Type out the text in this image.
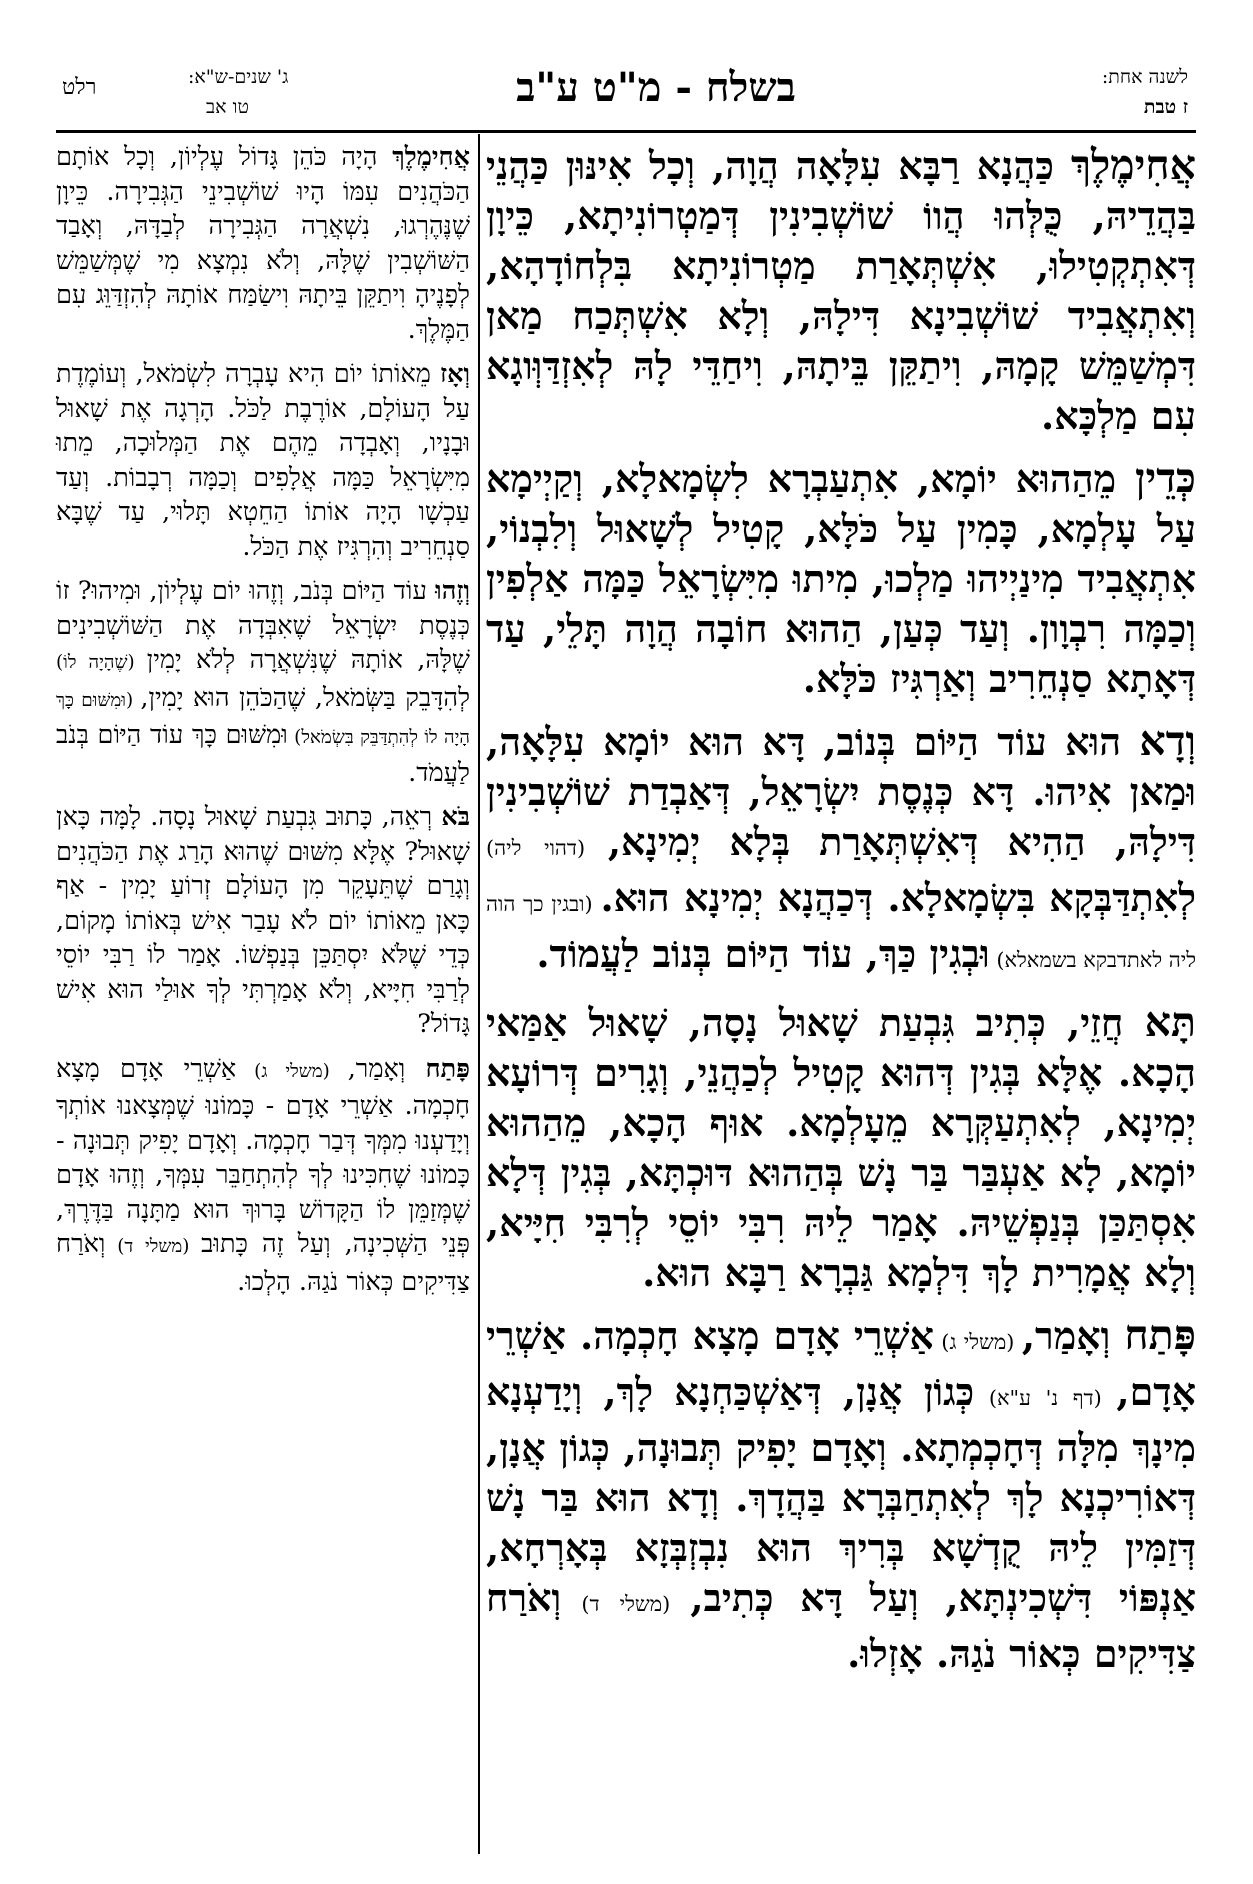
לשנה אחת:
ז טבת
בשלח - מ"ט ע"ב
ג' שנים-ש"א:
טו אב
רלט

אֲחִימֶלֶךְ כַּהֲנָא רַבָּא עִלָּאָה הֲוָה, וְכָל אִינּוּן כַּהֲנֵי בַּהֲדֵיהּ, כֻּלְּהוּ הֲווֹ שׁוֹשְׁבִינִין דְּמַטְרוֹנִיתָא, כֵּיוָן דְּאִתְקְטִילוּ, אִשְׁתְּאָרַת מַטְרוֹנִיתָא בִּלְחוֹדָהָא, וְאִתְאֲבִיד שׁוֹשְׁבִינָא דִּילָהּ, וְלָא אִשְׁתְּכַח מַאן דִּמְשַׁמֵּשׁ קָמָהּ, וִיתַקֵּן בֵּיתָהּ, וִיחַדֵּי לָהּ לְאִזְדַּוְּוגָא עִם מַלְכָּא.

כְּדֵין מֵהַהוּא יוֹמָא, אִתְעַבְרָא לִשְׂמָאלָא, וְקַיְימָא עַל עָלְמָא, כָּמִין עַל כֹּלָּא, קָטִיל לְשָׁאוּל וְלִבְנוֹי, אִתְאֲבִיד מִינַיְיהוּ מַלְכוּ, מִיתוּ מִיִּשְׂרָאֵל כַּמָּה אַלְפִין וְכַמָּה רִבְוָון. וְעַד כְּעַן, הַהוּא חוֹבָה הֲוָה תָּלֵי, עַד דְּאָתָא סַנְחֵרִיב וְאַרְגִּיז כֹּלָּא.

וְדָא הוּא עוֹד הַיּוֹם בְּנוֹב, דָּא הוּא יוֹמָא עִלָּאָה, וּמַאן אִיהוּ. דָּא כְּנֶסֶת יִשְׂרָאֵל, דְּאַבְדַת שׁוֹשְׁבִינִין דִּילָהּ, הַהִיא דְּאִשְׁתְּאָרַת בְּלָא יְמִינָא, (דהוי ליה) לְאִתְדַּבְּקָא בִּשְׂמָאלָא. דְּכַהֲנָא יְמִינָא הוּא. (ובגין כך הוה ליה לאתדבקא בשמאלא) וּבְגִין כַּךְ, עוֹד הַיּוֹם בְּנוֹב לַעֲמוֹד.

תָּא חֲזֵי, כְּתִיב גִּבְעַת שָׁאוּל נָסָה, שָׁאוּל אַמַּאי הָכָא. אֶלָּא בְּגִין דְּהוּא קָטִיל לְכַהֲנֵי, וְגָרִים דְּרוֹעָא יְמִינָא, לְאִתְעַקְּרָא מֵעָלְמָא. אוּף הָכָא, מֵהַהוּא יוֹמָא, לָא אַעְבַּר בַּר נָשׁ בְּהַהוּא דּוּכְתָּא, בְּגִין דְּלָא אִסְתַּכַּן בְּנַפְשֵׁיהּ. אָמַר לֵיהּ רִבִּי יוֹסֵי לְרִבִּי חִיָּיא, וְלָא אֲמָרִית לָךְ דִּלְמָא גַּבְרָא רַבָּא הוּא.

פָּתַח וְאָמַר, (משלי ג) אַשְׁרֵי אָדָם מָצָא חָכְמָה. אַשְׁרֵי אָדָם, (דף נ' ע"א) כְּגוֹן אֲנָן, דְּאַשְׁכַּחְנָא לָךְ, וְיָדַעְנָא מִינָךְ מִלָּה דְּחָכְמְתָא. וְאָדָם יָפִיק תְּבוּנָה, כְּגוֹן אֲנָן, דְּאוֹרִיכְנָא לָךְ לְאִתְחַבְּרָא בַּהֲדָךְ. וְדָא הוּא בַּר נָשׁ דְּזַמִּין לֵיהּ קֻדְשָׁא בְּרִיךְ הוּא נִבְזְבְּזָא בְּאָרְחָא, אַנְפּוֹי דִּשְׁכִינְתָּא, וְעַל דָּא כְּתִיב, (משלי ד) וְאֹרַח צַדִּיקִים כְּאוֹר נֹגַהּ. אָזְלוּ.

אֲחִימֶלֶךְ הָיָה כֹּהֵן גָּדוֹל עֶלְיוֹן, וְכָל אוֹתָם הַכֹּהֲנִים עִמּוֹ הָיוּ שׁוֹשְׁבִינֵי הַגְּבִירָה. כֵּיוָן שֶׁנֶּהֶרְגוּ, נִשְׁאֲרָה הַגְּבִירָה לְבַדָּהּ, וְאָבַד הַשּׁוֹשְׁבִין שֶׁלָּהּ, וְלֹא נִמְצָא מִי שֶׁמְּשַׁמֵּשׁ לְפָנֶיהָ וִיתַקֵּן בֵּיתָהּ וִישַׂמַּח אוֹתָהּ לְהִזְדַּוֵּג עִם הַמֶּלֶךְ.

וְאָז מֵאוֹתוֹ יוֹם הִיא עָבְרָה לִשְׂמֹאל, וְעוֹמֶדֶת עַל הָעוֹלָם, אוֹרֶבֶת לַכֹּל. הָרְגָה אֶת שָׁאוּל וּבָנָיו, וְאָבְדָה מֵהֶם אֶת הַמְּלוּכָה, מֵתוּ מִיִּשְׂרָאֵל כַּמָּה אֲלָפִים וְכַמָּה רְבָבוֹת. וְעַד עַכְשָׁו הָיָה אוֹתוֹ הַחֵטְא תָּלוּי, עַד שֶׁבָּא סַנְחֵרִיב וְהִרְגִּיז אֶת הַכֹּל.

וְזֶהוּ עוֹד הַיּוֹם בְּנֹב, וְזֶהוּ יוֹם עֶלְיוֹן, וּמִיהוּ? זוֹ כְּנֶסֶת יִשְׂרָאֵל שֶׁאִבְּדָה אֶת הַשּׁוֹשְׁבִינִים שֶׁלָּהּ, אוֹתָהּ שֶׁנִּשְׁאֲרָה לְלֹא יָמִין (שֶׁהָיָה לוֹ) לְהִדָּבֵק בַּשְּׂמֹאל, שֶׁהַכֹּהֵן הוּא יָמִין, (וּמִשּׁוּם כָּךְ הָיָה לוֹ לְהִתְדַּבֵּק בִּשְׂמֹאל) וּמִשּׁוּם כָּךְ עוֹד הַיּוֹם בְּנֹב לַעֲמֹד.

בֹּא רְאֵה, כָּתוּב גִּבְעַת שָׁאוּל נָסָה. לָמָּה כָּאן שָׁאוּל? אֶלָּא מִשּׁוּם שֶׁהוּא הָרַג אֶת הַכֹּהֲנִים וְגָרַם שֶׁתֵּעָקֵר מִן הָעוֹלָם זְרוֹעַ יָמִין - אַף כָּאן מֵאוֹתוֹ יוֹם לֹא עָבַר אִישׁ בְּאוֹתוֹ מָקוֹם, כְּדֵי שֶׁלֹּא יִסְתַּכֵּן בְּנַפְשׁוֹ. אָמַר לוֹ רַבִּי יוֹסֵי לְרַבִּי חִיָּיא, וְלֹא אָמַרְתִּי לְךָ אוּלַי הוּא אִישׁ גָּדוֹל?

פָּתַח וְאָמַר, (משלי ג) אַשְׁרֵי אָדָם מָצָא חָכְמָה. אַשְׁרֵי אָדָם - כָּמוֹנוּ שֶׁמְּצָאנוּ אוֹתְךָ וְיָדַעְנוּ מִמְּךָ דְּבַר חָכְמָה. וְאָדָם יָפִיק תְּבוּנָה - כָּמוֹנוּ שֶׁחִכִּינוּ לְךָ לְהִתְחַבֵּר עִמְּךָ, וְזֶהוּ אָדָם שֶׁמְּזַמֵּן לוֹ הַקָּדוֹשׁ בָּרוּךְ הוּא מַתָּנָה בַּדֶּרֶךְ, פְּנֵי הַשְּׁכִינָה, וְעַל זֶה כָּתוּב (משלי ד) וְאֹרַח צַדִּיקִים כְּאוֹר נֹגַהּ. הָלְכוּ.
